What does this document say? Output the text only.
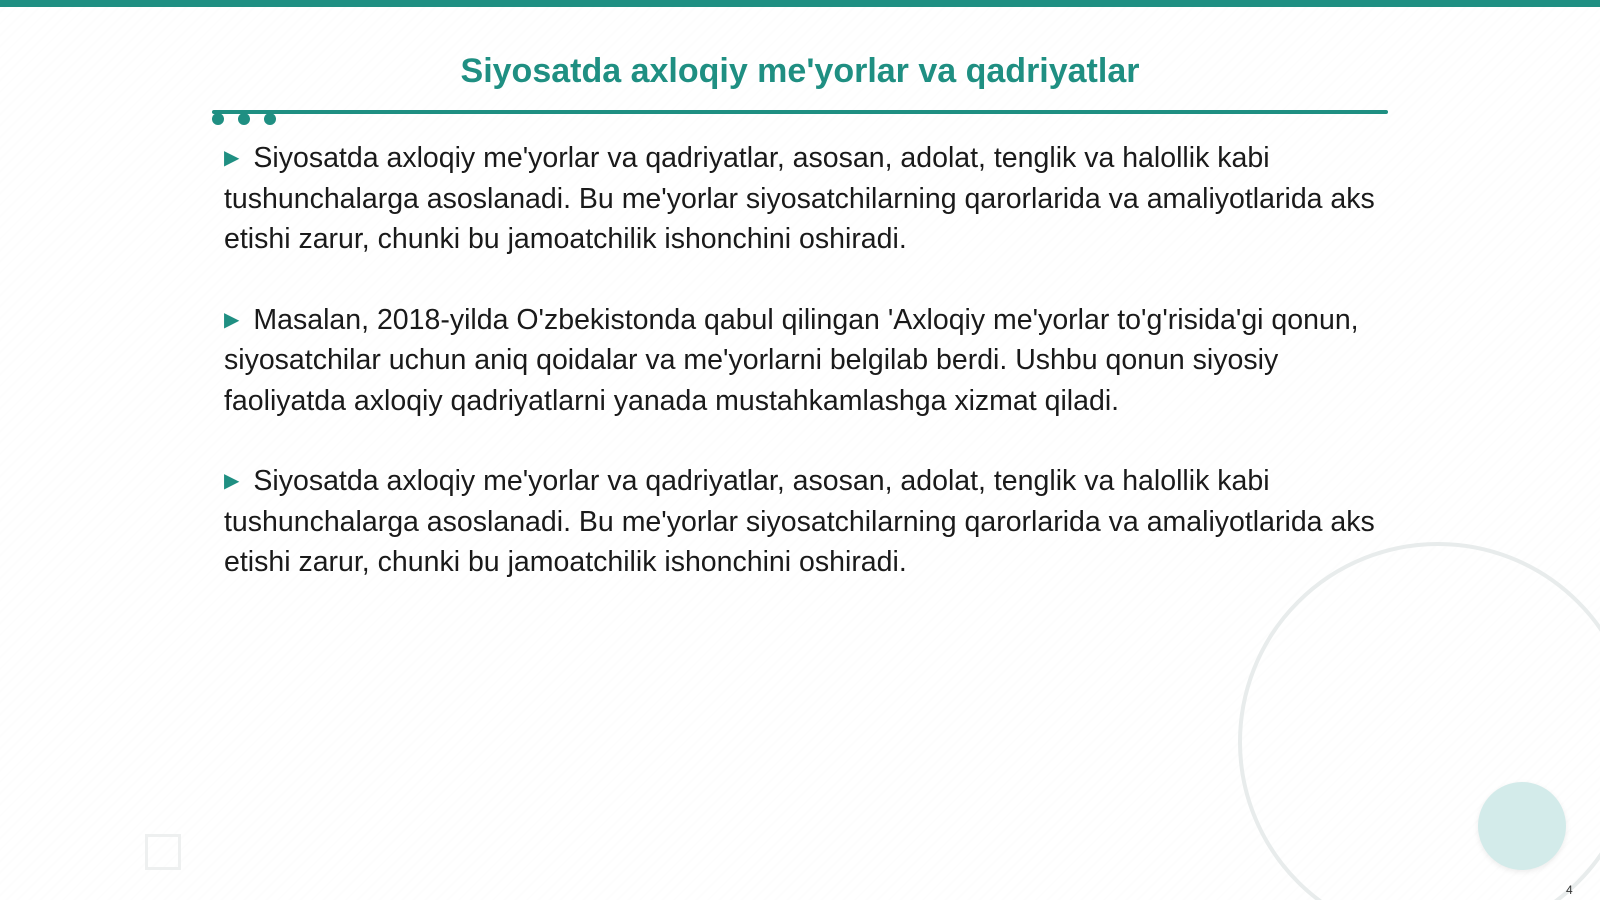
Siyosatda axloqiy me'yorlar va qadriyatlar

▶ Siyosatda axloqiy me'yorlar va qadriyatlar, asosan, adolat, tenglik va halollik kabi tushunchalarga asoslanadi. Bu me'yorlar siyosatchilarning qarorlarida va amaliyotlarida aks etishi zarur, chunki bu jamoatchilik ishonchini oshiradi.

▶ Masalan, 2018-yilda O'zbekistonda qabul qilingan 'Axloqiy me'yorlar to'g'risida'gi qonun, siyosatchilar uchun aniq qoidalar va me'yorlarni belgilab berdi. Ushbu qonun siyosiy faoliyatda axloqiy qadriyatlarni yanada mustahkamlashga xizmat qiladi.

▶ Siyosatda axloqiy me'yorlar va qadriyatlar, asosan, adolat, tenglik va halollik kabi tushunchalarga asoslanadi. Bu me'yorlar siyosatchilarning qarorlarida va amaliyotlarida aks etishi zarur, chunki bu jamoatchilik ishonchini oshiradi.

4
